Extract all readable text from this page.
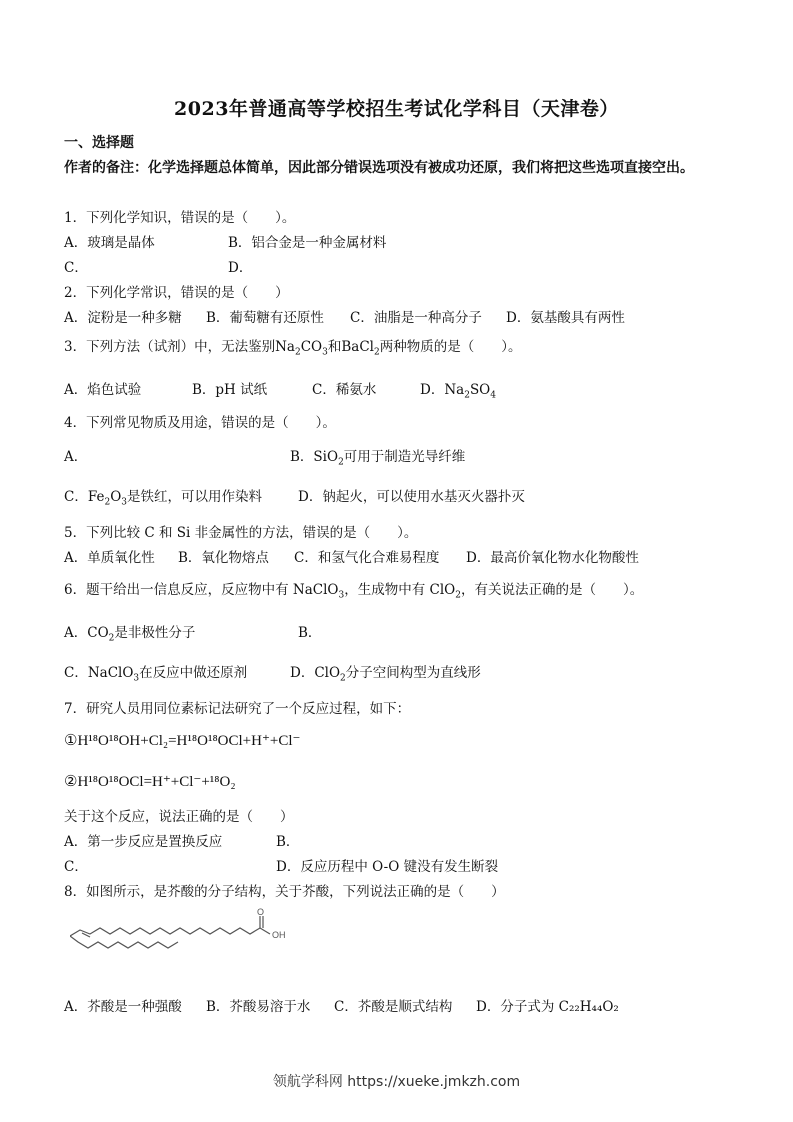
2023年普通高等学校招生考试化学科目（天津卷）
一、选择题
作者的备注：化学选择题总体简单，因此部分错误选项没有被成功还原，我们将把这些选项直接空出。
1．下列化学知识，错误的是（　　）。
A．玻璃是晶体	B．铝合金是一种金属材料
C．	D．
2．下列化学常识，错误的是（　　）
A．淀粉是一种多糖 B．葡萄糖有还原性 C．油脂是一种高分子 D．氨基酸具有两性
3．下列方法（试剂）中，无法鉴别$Na_2CO_3$和BaCl$_2$两种物质的是（　　）。
A．焰色试验	B．pH 试纸	C．稀氨水	D．$Na_2SO_4$
4．下列常见物质及用途，错误的是（　　）。
A．	B．SiO$_2$可用于制造光导纤维
C．$Fe_2O_3$是铁红，可以用作染料	D．钠起火，可以使用水基灭火器扑灭
5．下列比较 C 和 Si 非金属性的方法，错误的是（　　）。
A．单质氧化性 B．氧化物熔点 C．和氢气化合难易程度 D．最高价氧化物水化物酸性
6．题干给出一信息反应，反应物中有 NaClO$_3$，生成物中有 ClO$_2$，有关说法正确的是（　　）。
A．$CO_2$是非极性分子	B．
C．NaClO$_3$在反应中做还原剂	D．ClO$_2$分子空间构型为直线形
7．研究人员用同位素标记法研究了一个反应过程，如下：
①H¹⁸O¹⁸OH+Cl₂=H¹⁸O¹⁸OCl+H⁺+Cl⁻
②H¹⁸O¹⁸OCl=H⁺+Cl⁻+¹⁸O₂
关于这个反应，说法正确的是（　　）
A．第一步反应是置换反应	B．
C．	D．反应历程中 O-O 键没有发生断裂
8．如图所示，是芥酸的分子结构，关于芥酸，下列说法正确的是（　　）
O
OH
A．芥酸是一种强酸 B．芥酸易溶于水 C．芥酸是顺式结构 D．分子式为 C₂₂H₄₄O₂
领航学科网 https://xueke.jmkzh.com
